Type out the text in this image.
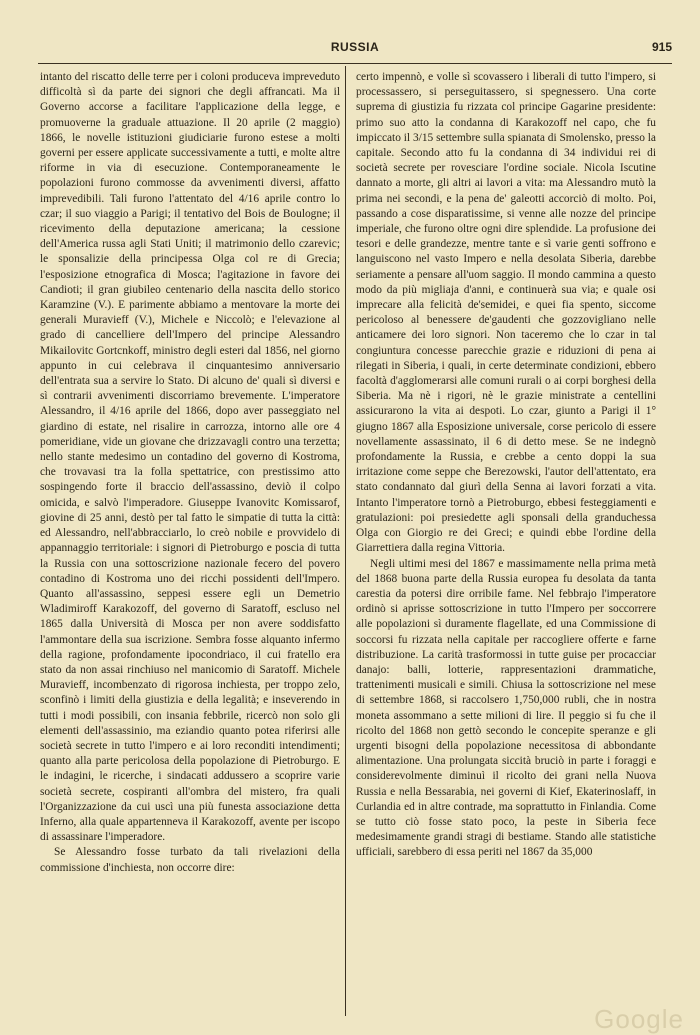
RUSSIA	915

intanto del riscatto delle terre per i coloni produceva impreveduto difficoltà sì da parte dei signori che degli affrancati. Ma il Governo accorse a facilitare l'applicazione della legge, e promuoverne la graduale attuazione. Il 20 aprile (2 maggio) 1866, le novelle istituzioni giudiciarie furono estese a molti governi per essere applicate successivamente a tutti, e molte altre riforme in via di esecuzione. Contemporaneamente le popolazioni furono commosse da avvenimenti diversi, affatto imprevedibili. Tali furono l'attentato del 4/16 aprile contro lo czar; il suo viaggio a Parigi; il tentativo del Bois de Boulogne; il ricevimento della deputazione americana; la cessione dell'America russa agli Stati Uniti; il matrimonio dello czarevic; le sponsalizie della principessa Olga col re di Grecia; l'esposizione etnografica di Mosca; l'agitazione in favore dei Candioti; il gran giubileo centenario della nascita dello storico Karamzine (V.). E parimente abbiamo a mentovare la morte dei generali Muravieff (V.), Michele e Niccolò; e l'elevazione al grado di cancelliere dell'Impero del principe Alessandro Mikailovitc Gortcnkoff, ministro degli esteri dal 1856, nel giorno appunto in cui celebrava il cinquantesimo anniversario dell'entrata sua a servire lo Stato. Di alcuno de' quali sì diversi e sì contrarii avvenimenti discorriamo brevemente. L'imperatore Alessandro, il 4/16 aprile del 1866, dopo aver passeggiato nel giardino di estate, nel risalire in carrozza, intorno alle ore 4 pomeridiane, vide un giovane che drizzavagli contro una terzetta; nello stante medesimo un contadino del governo di Kostroma, che trovavasi tra la folla spettatrice, con prestissimo atto sospingendo forte il braccio dell'assassino, deviò il colpo omicida, e salvò l'imperadore. Giuseppe Ivanovitc Komissarof, giovine di 25 anni, destò per tal fatto le simpatie di tutta la città: ed Alessandro, nell'abbracciarlo, lo creò nobile e provvidelo di appannaggio territoriale: i signori di Pietroburgo e poscia di tutta la Russia con una sottoscrizione nazionale fecero del povero contadino di Kostroma uno dei ricchi possidenti dell'Impero. Quanto all'assassino, seppesi essere egli un Demetrio Wladimiroff Karakozoff, del governo di Saratoff, escluso nel 1865 dalla Università di Mosca per non avere soddisfatto l'ammontare della sua iscrizione. Sembra fosse alquanto infermo della ragione, profondamente ipocondriaco, il cui fratello era stato da non assai rinchiuso nel manicomio di Saratoff. Michele Muravieff, incombenzato di rigorosa inchiesta, per troppo zelo, sconfinò i limiti della giustizia e della legalità; e inseverendo in tutti i modi possibili, con insania febbrile, ricercò non solo gli elementi dell'assassinio, ma eziandio quanto potea riferirsi alle società secrete in tutto l'impero e ai loro reconditi intendimenti; quanto alla parte pericolosa della popolazione di Pietroburgo. E le indagini, le ricerche, i sindacati addussero a scoprire varie società secrete, cospiranti all'ombra del mistero, fra quali l'Organizzazione da cui uscì una più funesta associazione detta Inferno, alla quale appartenneva il Karakozoff, avente per iscopo di assassinare l'imperadore.

Se Alessandro fosse turbato da tali rivelazioni della commissione d'inchiesta, non occorre dire:

certo impennò, e volle sì scovassero i liberali di tutto l'impero, si processassero, si perseguitassero, si spegnessero. Una corte suprema di giustizia fu rizzata col principe Gagarine presidente: primo suo atto la condanna di Karakozoff nel capo, che fu impiccato il 3/15 settembre sulla spianata di Smolensko, presso la capitale. Secondo atto fu la condanna di 34 individui rei di società secrete per rovesciare l'ordine sociale. Nicola Iscutine dannato a morte, gli altri ai lavori a vita: ma Alessandro mutò la prima nei secondi, e la pena de' galeotti accorciò di molto. Poi, passando a cose disparatissime, si venne alle nozze del principe imperiale, che furono oltre ogni dire splendide. La profusione dei tesori e delle grandezze, mentre tante e sì varie genti soffrono e languiscono nel vasto Impero e nella desolata Siberia, darebbe seriamente a pensare all'uom saggio. Il mondo cammina a questo modo da più migliaja d'anni, e continuerà sua via; e quale osi imprecare alla felicità de'semidei, e quei fia spento, siccome pericoloso al benessere de'gaudenti che gozzovigliano nelle anticamere dei loro signori. Non taceremo che lo czar in tal congiuntura concesse parecchie grazie e riduzioni di pena ai rilegati in Siberia, i quali, in certe determinate condizioni, ebbero facoltà d'agglomerarsi alle comuni rurali o ai corpi borghesi della Siberia. Ma nè i rigori, nè le grazie ministrate a centellini assicurarono la vita ai despoti. Lo czar, giunto a Parigi il 1° giugno 1867 alla Esposizione universale, corse pericolo di essere novellamente assassinato, il 6 di detto mese. Se ne indegnò profondamente la Russia, e crebbe a cento doppi la sua irritazione come seppe che Berezowski, l'autor dell'attentato, era stato condannato dal giurì della Senna ai lavori forzati a vita. Intanto l'imperatore tornò a Pietroburgo, ebbesi festeggiamenti e gratulazioni: poi presiedette agli sponsali della granduchessa Olga con Giorgio re dei Greci; e quindi ebbe l'ordine della Giarrettiera dalla regina Vittoria.

Negli ultimi mesi del 1867 e massimamente nella prima metà del 1868 buona parte della Russia europea fu desolata da tanta carestia da potersi dire orribile fame. Nel febbrajo l'imperatore ordinò si aprisse sottoscrizione in tutto l'Impero per soccorrere alle popolazioni sì duramente flagellate, ed una Commissione di soccorsi fu rizzata nella capitale per raccogliere offerte e farne distribuzione. La carità trasformossi in tutte guise per procacciar danajo: balli, lotterie, rappresentazioni drammatiche, trattenimenti musicali e simili. Chiusa la sottoscrizione nel mese di settembre 1868, si raccolsero 1,750,000 rubli, che in nostra moneta assommano a sette milioni di lire. Il peggio si fu che il ricolto del 1868 non gettò secondo le concepite speranze e gli urgenti bisogni della popolazione necessitosa di abbondante alimentazione. Una prolungata siccità bruciò in parte i foraggi e considerevolmente diminuì il ricolto dei grani nella Nuova Russia e nella Bessarabia, nei governi di Kief, Ekaterinoslaff, in Curlandia ed in altre contrade, ma soprattutto in Finlandia. Come se tutto ciò fosse stato poco, la peste in Siberia fece medesimamente grandi stragi di bestiame. Stando alle statistiche ufficiali, sarebbero di essa periti nel 1867 da 35,000

Google
